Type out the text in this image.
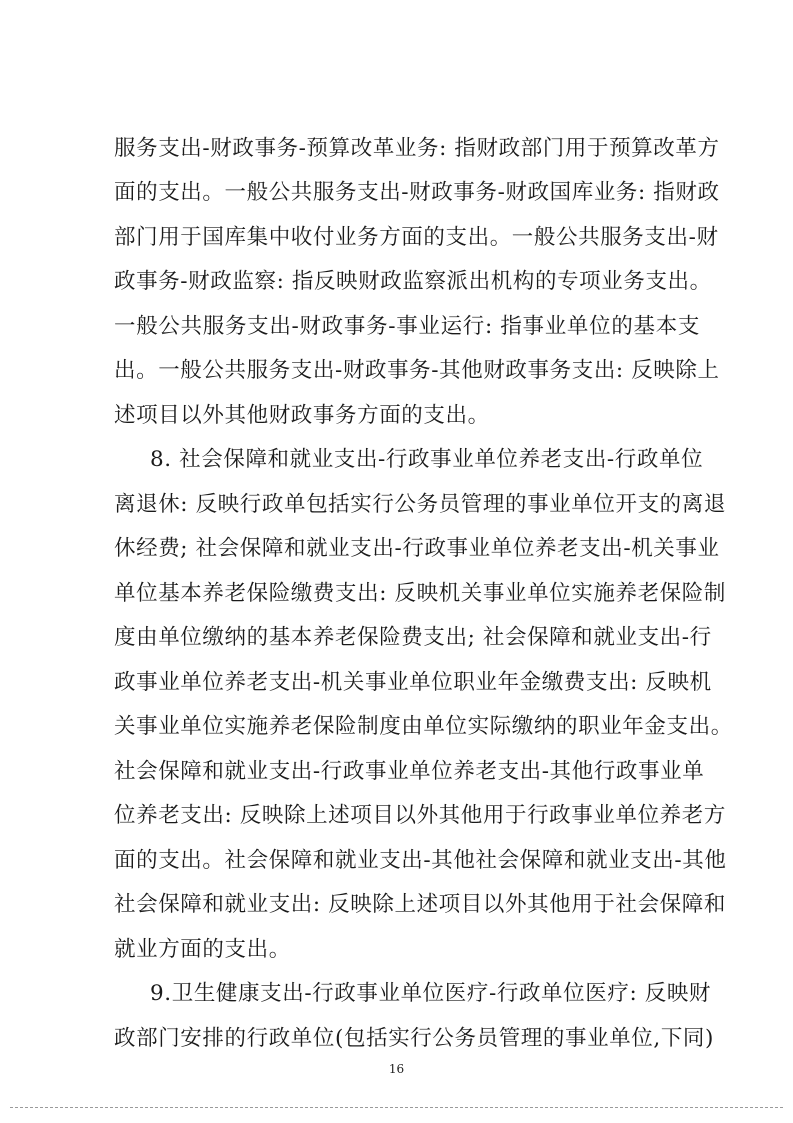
服务支出-财政事务-预算改革业务: 指财政部门用于预算改革方
面的支出。一般公共服务支出-财政事务-财政国库业务: 指财政
部门用于国库集中收付业务方面的支出。一般公共服务支出-财
政事务-财政监察: 指反映财政监察派出机构的专项业务支出。
一般公共服务支出-财政事务-事业运行: 指事业单位的基本支
出。一般公共服务支出-财政事务-其他财政事务支出: 反映除上
述项目以外其他财政事务方面的支出。
8. 社会保障和就业支出-行政事业单位养老支出-行政单位
离退休: 反映行政单包括实行公务员管理的事业单位开支的离退
休经费; 社会保障和就业支出-行政事业单位养老支出-机关事业
单位基本养老保险缴费支出: 反映机关事业单位实施养老保险制
度由单位缴纳的基本养老保险费支出; 社会保障和就业支出-行
政事业单位养老支出-机关事业单位职业年金缴费支出: 反映机
关事业单位实施养老保险制度由单位实际缴纳的职业年金支出。
社会保障和就业支出-行政事业单位养老支出-其他行政事业单
位养老支出: 反映除上述项目以外其他用于行政事业单位养老方
面的支出。社会保障和就业支出-其他社会保障和就业支出-其他
社会保障和就业支出: 反映除上述项目以外其他用于社会保障和
就业方面的支出。
9.卫生健康支出-行政事业单位医疗-行政单位医疗: 反映财
政部门安排的行政单位(包括实行公务员管理的事业单位,下同)
16
